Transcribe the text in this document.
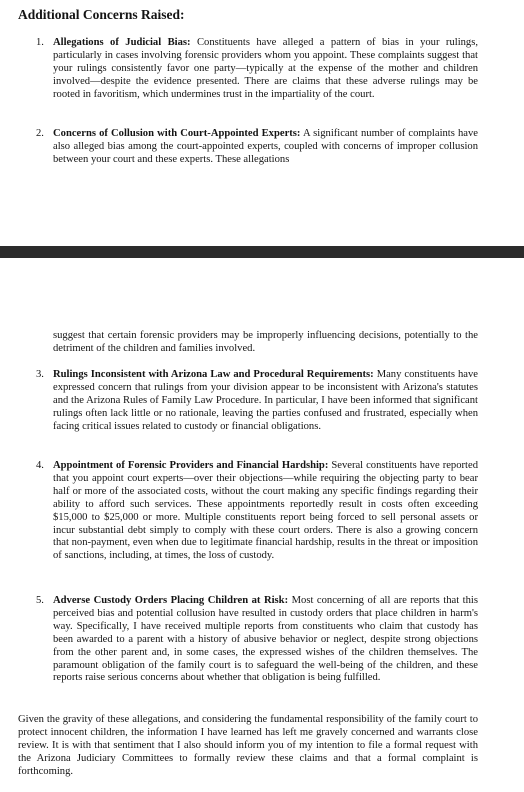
Additional Concerns Raised:
1. Allegations of Judicial Bias: Constituents have alleged a pattern of bias in your rulings, particularly in cases involving forensic providers whom you appoint. These complaints suggest that your rulings consistently favor one party—typically at the expense of the mother and children involved—despite the evidence presented. There are claims that these adverse rulings may be rooted in favoritism, which undermines trust in the impartiality of the court.
2. Concerns of Collusion with Court-Appointed Experts: A significant number of complaints have also alleged bias among the court-appointed experts, coupled with concerns of improper collusion between your court and these experts. These allegations
suggest that certain forensic providers may be improperly influencing decisions, potentially to the detriment of the children and families involved.
3. Rulings Inconsistent with Arizona Law and Procedural Requirements: Many constituents have expressed concern that rulings from your division appear to be inconsistent with Arizona's statutes and the Arizona Rules of Family Law Procedure. In particular, I have been informed that significant rulings often lack little or no rationale, leaving the parties confused and frustrated, especially when facing critical issues related to custody or financial obligations.
4. Appointment of Forensic Providers and Financial Hardship: Several constituents have reported that you appoint court experts—over their objections—while requiring the objecting party to bear half or more of the associated costs, without the court making any specific findings regarding their ability to afford such services. These appointments reportedly result in costs often exceeding $15,000 to $25,000 or more. Multiple constituents report being forced to sell personal assets or incur substantial debt simply to comply with these court orders. There is also a growing concern that non-payment, even when due to legitimate financial hardship, results in the threat or imposition of sanctions, including, at times, the loss of custody.
5. Adverse Custody Orders Placing Children at Risk: Most concerning of all are reports that this perceived bias and potential collusion have resulted in custody orders that place children in harm's way. Specifically, I have received multiple reports from constituents who claim that custody has been awarded to a parent with a history of abusive behavior or neglect, despite strong objections from the other parent and, in some cases, the expressed wishes of the children themselves. The paramount obligation of the family court is to safeguard the well-being of the children, and these reports raise serious concerns about whether that obligation is being fulfilled.
Given the gravity of these allegations, and considering the fundamental responsibility of the family court to protect innocent children, the information I have learned has left me gravely concerned and warrants close review. It is with that sentiment that I also should inform you of my intention to file a formal request with the Arizona Judiciary Committees to formally review these claims and that a formal complaint is forthcoming.
